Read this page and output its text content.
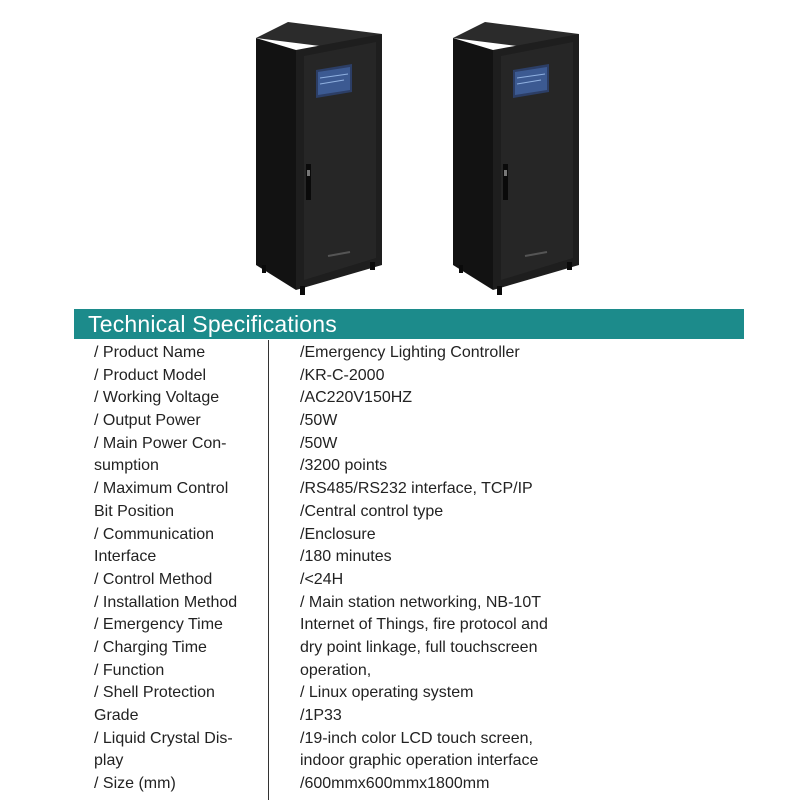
Technical Specifications
/ Product Name
/ Product Model
/ Working Voltage
/ Output Power
/ Main Power Con-
sumption
/ Maximum Control
Bit Position
/ Communication
Interface
/ Control Method
/ Installation Method
/ Emergency Time
/ Charging Time
/ Function
/ Shell Protection
Grade
/ Liquid Crystal Dis-
play
/ Size (mm)
/Emergency Lighting Controller
/KR-C-2000
/AC220V150HZ
/50W
/50W
/3200 points
/RS485/RS232 interface, TCP/IP
/Central control type
/Enclosure
/180 minutes
/<24H
/ Main station networking, NB-10T
Internet of Things, fire protocol and
dry point linkage, full touchscreen
operation,
/ Linux operating system
/1P33
/19-inch color LCD touch screen,
indoor graphic operation interface
/600mmx600mmx1800mm
